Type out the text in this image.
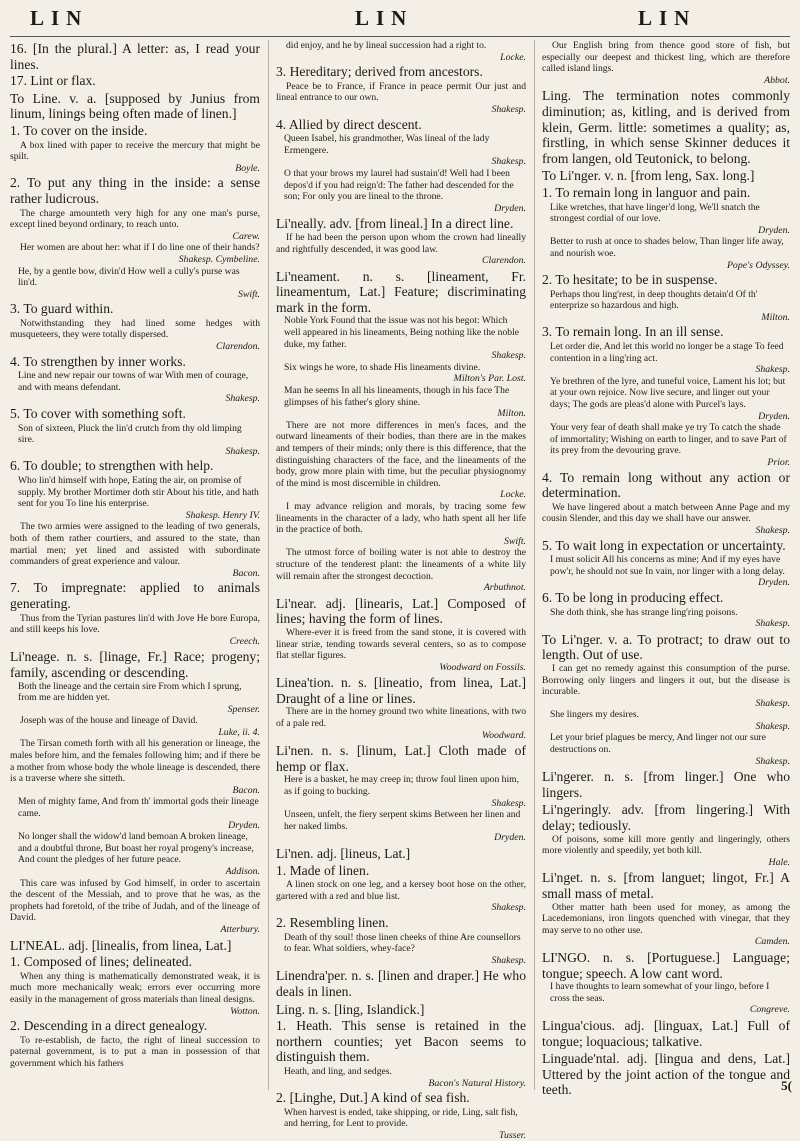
LIN	LIN	LIN

16. [In the plural.] A letter: as, I read your lines.

17. Lint or flax.

To Line. v. a. [supposed by Junius from linum, linings being often made of linen.]

1. To cover on the inside.

A box lined with paper to receive the mercury that might be spilt.

Boyle.

2. To put any thing in the inside: a sense rather ludicrous.

The charge amounteth very high for any one man's purse, except lined beyond ordinary, to reach unto.

Carew.

Her women are about her: what if I do line one of their hands?

Shakesp. Cymbeline.

He, by a gentle bow, divin'd How well a cully's purse was lin'd.

Swift.

3. To guard within.

Notwithstanding they had lined some hedges with musqueteers, they were totally dispersed.

Clarendon.

4. To strengthen by inner works.

Line and new repair our towns of war With men of courage, and with means defendant.

Shakesp.

5. To cover with something soft.

Son of sixteen, Pluck the lin'd crutch from thy old limping sire.

Shakesp.

6. To double; to strengthen with help.

Who lin'd himself with hope, Eating the air, on promise of supply. My brother Mortimer doth stir About his title, and hath sent for you To line his enterprise.

Shakesp. Henry IV.

The two armies were assigned to the leading of two generals, both of them rather courtiers, and assured to the state, than martial men; yet lined and assisted with subordinate commanders of great experience and valour.

Bacon.

7. To impregnate: applied to animals generating.

Thus from the Tyrian pastures lin'd with Jove He bore Europa, and still keeps his love.

Creech.

Li'neage. n. s. [linage, Fr.] Race; progeny; family, ascending or descending.

Both the lineage and the certain sire From which I sprung, from me are hidden yet.

Spenser.

Joseph was of the house and lineage of David.

Luke, ii. 4.

The Tirsan cometh forth with all his generation or lineage, the males before him, and the females following him; and if there be a mother from whose body the whole lineage is descended, there is a traverse where she sitteth.

Bacon.

Men of mighty fame, And from th' immortal gods their lineage came.

Dryden.

No longer shall the widow'd land bemoan A broken lineage, and a doubtful throne, But boast her royal progeny's increase, And count the pledges of her future peace.

Addison.

This care was infused by God himself, in order to ascertain the descent of the Messiah, and to prove that he was, as the prophets had foretold, of the tribe of Judah, and of the lineage of David.

Atterbury.

LI'NEAL. adj. [linealis, from linea, Lat.]

1. Composed of lines; delineated.

When any thing is mathematically demonstrated weak, it is much more mechanically weak; errors ever occurring more easily in the management of gross materials than lineal designs.

Wotton.

2. Descending in a direct genealogy.

To re-establish, de facto, the right of lineal succession to paternal government, is to put a man in possession of that government which his fathers

did enjoy, and he by lineal succession had a right to.

Locke.

3. Hereditary; derived from ancestors.

Peace be to France, if France in peace permit Our just and lineal entrance to our own.

Shakesp.

4. Allied by direct descent.

Queen Isabel, his grandmother, Was lineal of the lady Ermengere.

Shakesp.

O that your brows my laurel had sustain'd! Well had I been depos'd if you had reign'd: The father had descended for the son; For only you are lineal to the throne.

Dryden.

Li'neally. adv. [from lineal.] In a direct line.

If he had been the person upon whom the crown had lineally and rightfully descended, it was good law.

Clarendon.

Li'neament. n. s. [lineament, Fr. lineamentum, Lat.] Feature; discriminating mark in the form.

Noble York Found that the issue was not his begot: Which well appeared in his lineaments, Being nothing like the noble duke, my father.

Shakesp.

Six wings he wore, to shade His lineaments divine.

Milton's Par. Lost.

Man he seems In all his lineaments, though in his face The glimpses of his father's glory shine.

Milton.

There are not more differences in men's faces, and the outward lineaments of their bodies, than there are in the makes and tempers of their minds; only there is this difference, that the distinguishing characters of the face, and the lineaments of the body, grow more plain with time, but the peculiar physiognomy of the mind is most discernible in children.

Locke.

I may advance religion and morals, by tracing some few lineaments in the character of a lady, who hath spent all her life in the practice of both.

Swift.

The utmost force of boiling water is not able to destroy the structure of the tenderest plant: the lineaments of a white lily will remain after the strongest decoction.

Arbuthnot.

Li'near. adj. [linearis, Lat.] Composed of lines; having the form of lines.

Where-ever it is freed from the sand stone, it is covered with linear striæ, tending towards several centers, so as to compose flat stellar figures.

Woodward on Fossils.

Linea'tion. n. s. [lineatio, from linea, Lat.] Draught of a line or lines.

There are in the horney ground two white lineations, with two of a pale red.

Woodward.

Li'nen. n. s. [linum, Lat.] Cloth made of hemp or flax.

Here is a basket, he may creep in; throw foul linen upon him, as if going to bucking.

Shakesp.

Unseen, unfelt, the fiery serpent skims Between her linen and her naked limbs.

Dryden.

Li'nen. adj. [lineus, Lat.]

1. Made of linen.

A linen stock on one leg, and a kersey boot hose on the other, gartered with a red and blue list.

Shakesp.

2. Resembling linen.

Death of thy soul! those linen cheeks of thine Are counsellors to fear. What soldiers, whey-face?

Shakesp.

Linendra'per. n. s. [linen and draper.] He who deals in linen.

Ling. n. s. [ling, Islandick.]

1. Heath. This sense is retained in the northern counties; yet Bacon seems to distinguish them.

Heath, and ling, and sedges.

Bacon's Natural History.

2. [Linghe, Dut.] A kind of sea fish.

When harvest is ended, take shipping, or ride, Ling, salt fish, and herring, for Lent to provide.

Tusser.

Our English bring from thence good store of fish, but especially our deepest and thickest ling, which are therefore called island lings.

Abbot.

Ling. The termination notes commonly diminution; as, kitling, and is derived from klein, Germ. little: sometimes a quality; as, firstling, in which sense Skinner deduces it from langen, old Teutonick, to belong.

To Li'nger. v. n. [from leng, Sax. long.]

1. To remain long in languor and pain.

Like wretches, that have linger'd long, We'll snatch the strongest cordial of our love.

Dryden.

Better to rush at once to shades below, Than linger life away, and nourish woe.

Pope's Odyssey.

2. To hesitate; to be in suspense.

Perhaps thou ling'rest, in deep thoughts detain'd Of th' enterprize so hazardous and high.

Milton.

3. To remain long. In an ill sense.

Let order die, And let this world no longer be a stage To feed contention in a ling'ring act.

Shakesp.

Ye brethren of the lyre, and tuneful voice, Lament his lot; but at your own rejoice. Now live secure, and linger out your days; The gods are pleas'd alone with Purcel's lays.

Dryden.

Your very fear of death shall make ye try To catch the shade of immortality; Wishing on earth to linger, and to save Part of its prey from the devouring grave.

Prior.

4. To remain long without any action or determination.

We have lingered about a match between Anne Page and my cousin Slender, and this day we shall have our answer.

Shakesp.

5. To wait long in expectation or uncertainty.

I must solicit All his concerns as mine; And if my eyes have pow'r, he should not sue In vain, nor linger with a long delay.

Dryden.

6. To be long in producing effect.

She doth think, she has strange ling'ring poisons.

Shakesp.

To Li'nger. v. a. To protract; to draw out to length. Out of use.

I can get no remedy against this consumption of the purse. Borrowing only lingers and lingers it out, but the disease is incurable.

Shakesp.

She lingers my desires.

Shakesp.

Let your brief plagues be mercy, And linger not our sure destructions on.

Shakesp.

Li'ngerer. n. s. [from linger.] One who lingers.

Li'ngeringly. adv. [from lingering.] With delay; tediously.

Of poisons, some kill more gently and lingeringly, others more violently and speedily, yet both kill.

Hale.

Li'nget. n. s. [from languet; lingot, Fr.] A small mass of metal.

Other matter hath been used for money, as among the Lacedemonians, iron lingots quenched with vinegar, that they may serve to no other use.

Camden.

LI'NGO. n. s. [Portuguese.] Language; tongue; speech. A low cant word.

I have thoughts to learn somewhat of your lingo, before I cross the seas.

Congreve.

Lingua'cious. adj. [linguax, Lat.] Full of tongue; loquacious; talkative.

Linguade'ntal. adj. [lingua and dens, Lat.] Uttered by the joint action of the tongue and teeth.	5(
